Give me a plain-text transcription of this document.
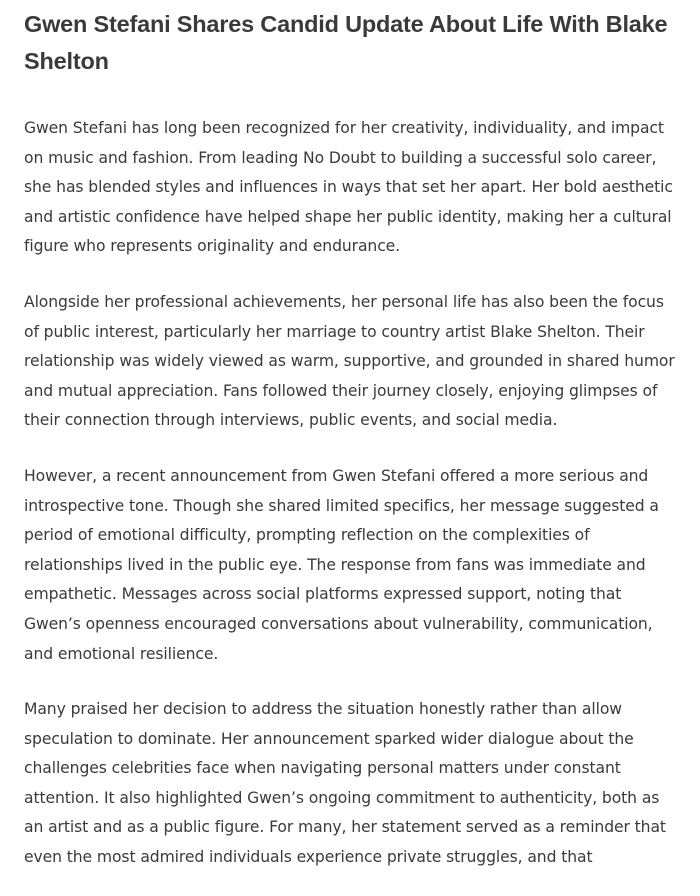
Gwen Stefani Shares Candid Update About Life With Blake Shelton

Gwen Stefani has long been recognized for her creativity, individuality, and impact on music and fashion. From leading No Doubt to building a successful solo career, she has blended styles and influences in ways that set her apart. Her bold aesthetic and artistic confidence have helped shape her public identity, making her a cultural figure who represents originality and endurance.

Alongside her professional achievements, her personal life has also been the focus of public interest, particularly her marriage to country artist Blake Shelton. Their relationship was widely viewed as warm, supportive, and grounded in shared humor and mutual appreciation. Fans followed their journey closely, enjoying glimpses of their connection through interviews, public events, and social media.

However, a recent announcement from Gwen Stefani offered a more serious and introspective tone. Though she shared limited specifics, her message suggested a period of emotional difficulty, prompting reflection on the complexities of relationships lived in the public eye. The response from fans was immediate and empathetic. Messages across social platforms expressed support, noting that Gwen’s openness encouraged conversations about vulnerability, communication, and emotional resilience.

Many praised her decision to address the situation honestly rather than allow speculation to dominate. Her announcement sparked wider dialogue about the challenges celebrities face when navigating personal matters under constant attention. It also highlighted Gwen’s ongoing commitment to authenticity, both as an artist and as a public figure. For many, her statement served as a reminder that even the most admired individuals experience private struggles, and that
